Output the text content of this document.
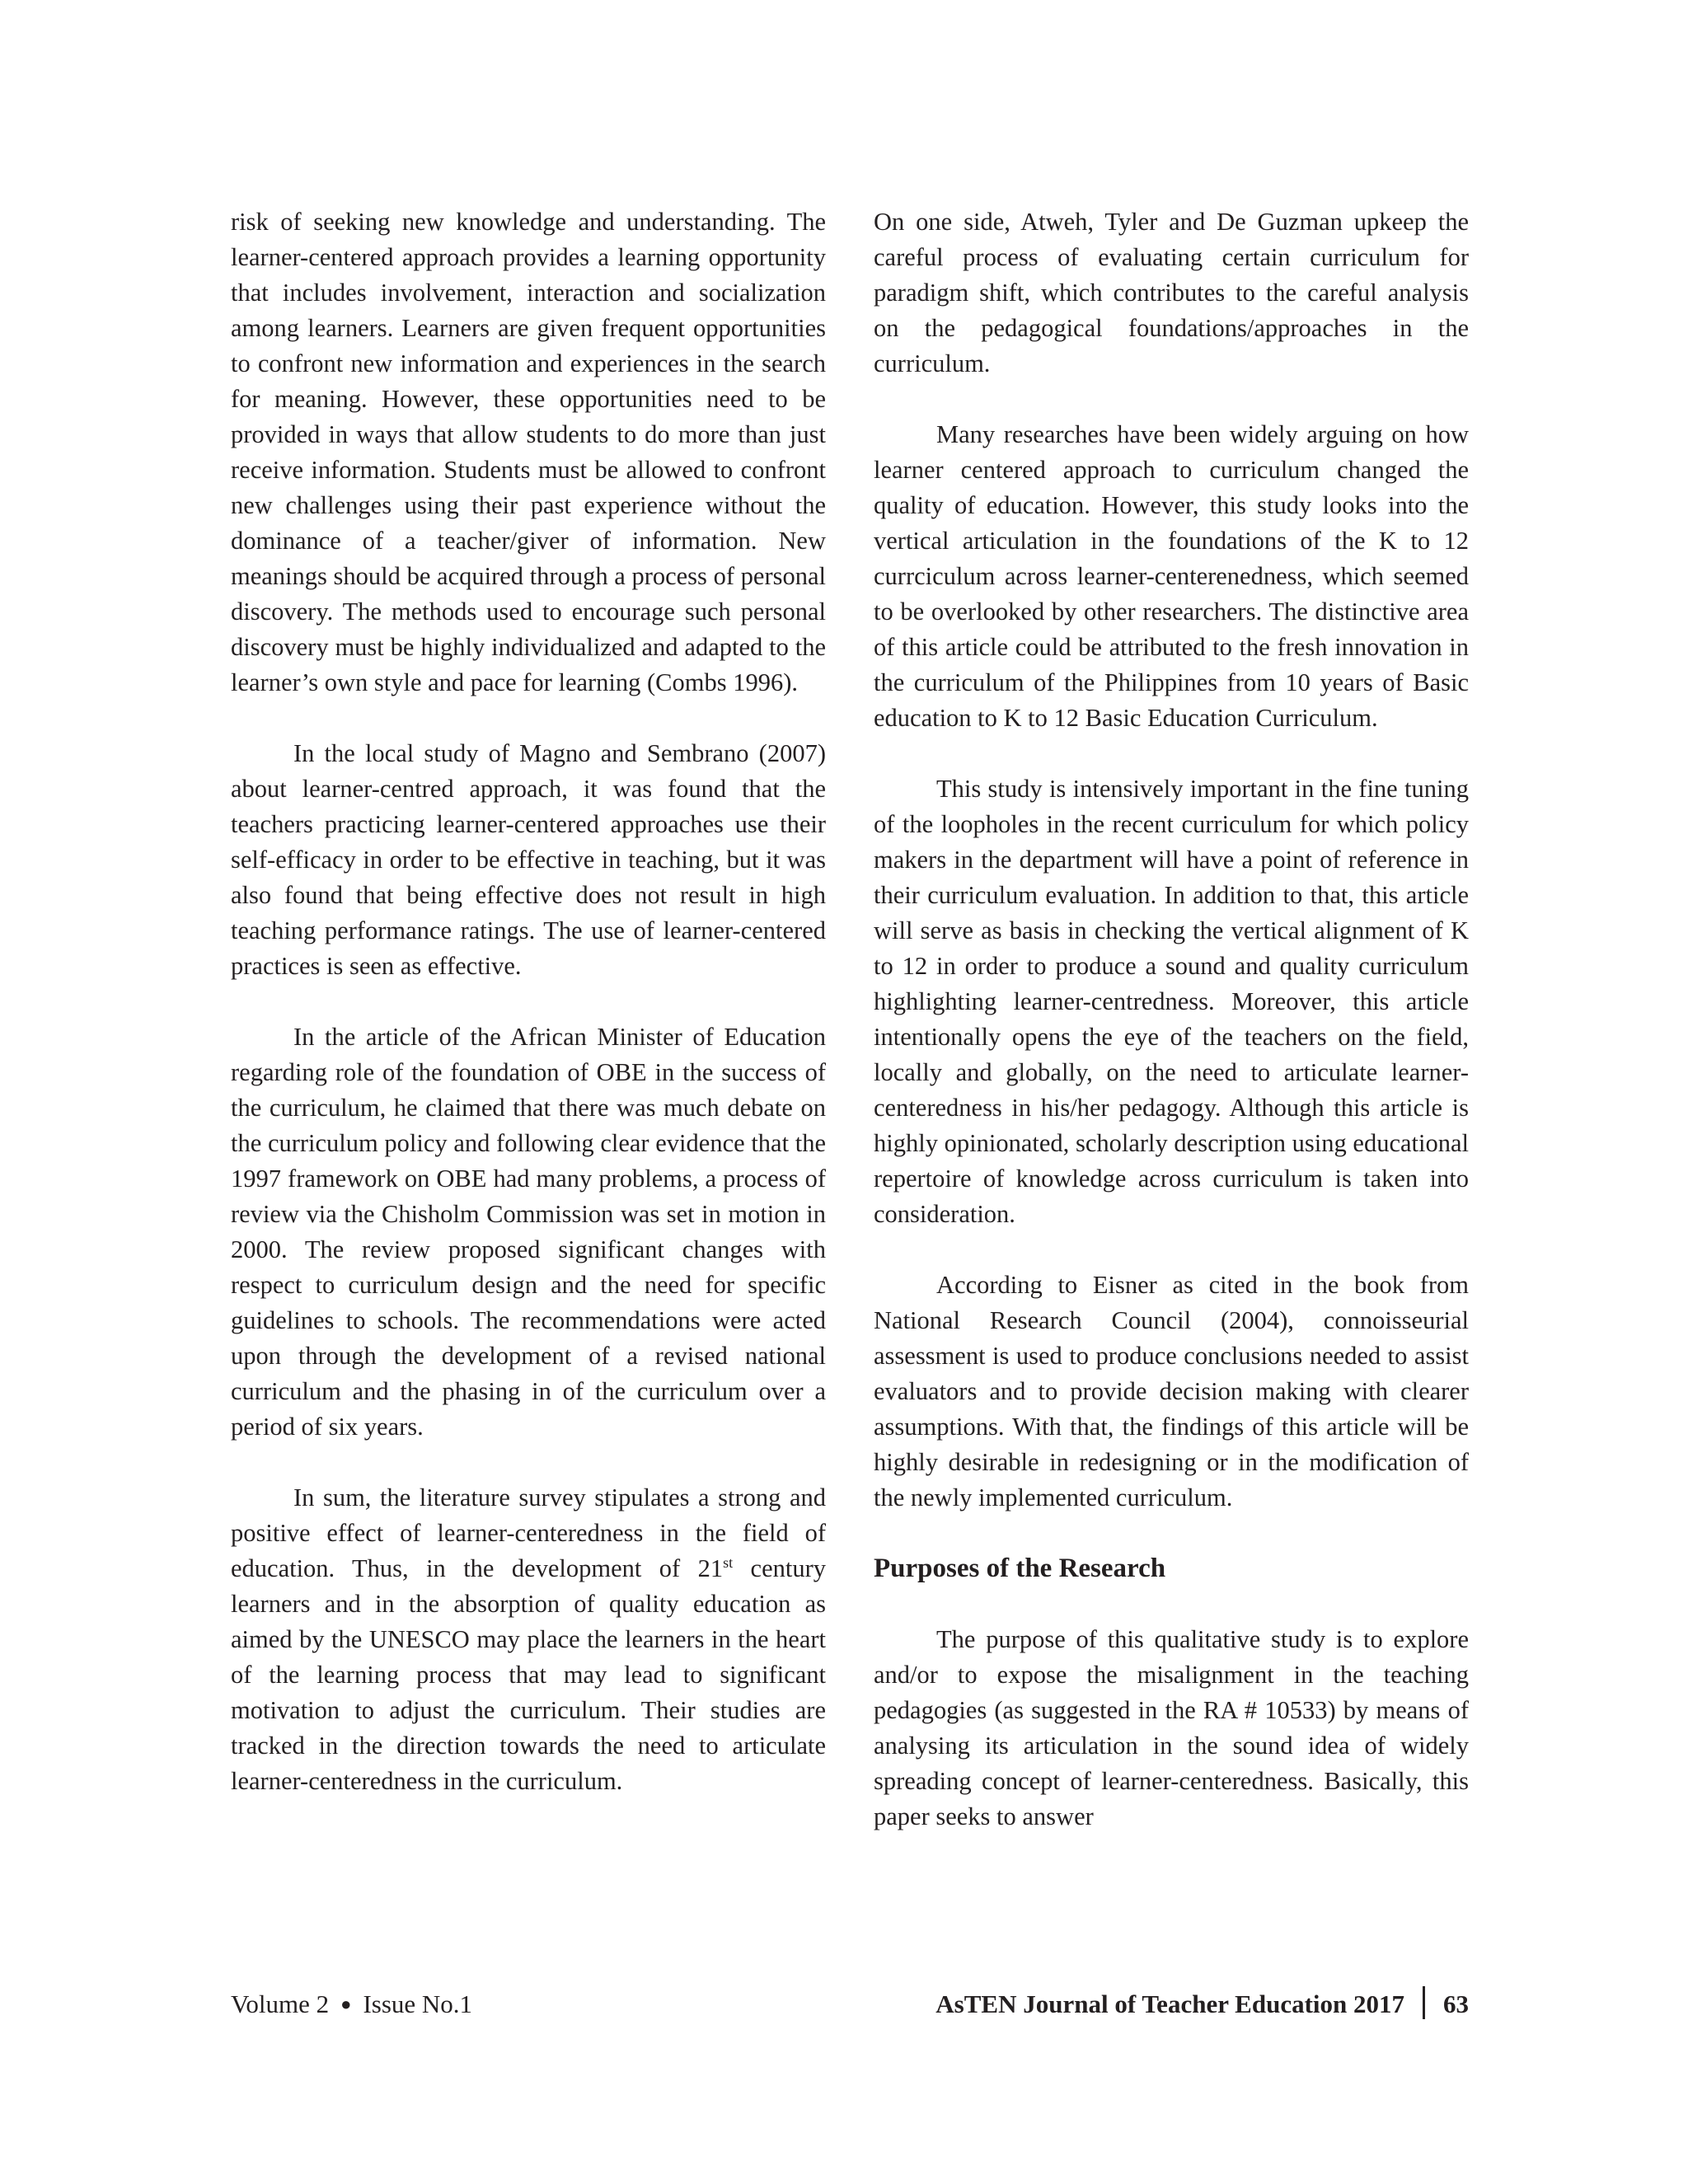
risk of seeking new knowledge and understanding. The learner-centered approach provides a learning opportunity that includes involvement, interaction and socialization among learners. Learners are given frequent opportunities to confront new information and experiences in the search for meaning. However, these opportunities need to be provided in ways that allow students to do more than just receive information. Students must be allowed to confront new challenges using their past experience without the dominance of a teacher/giver of information. New meanings should be acquired through a process of personal discovery. The methods used to encourage such personal discovery must be highly individualized and adapted to the learner’s own style and pace for learning (Combs 1996).

In the local study of Magno and Sembrano (2007) about learner-centred approach, it was found that the teachers practicing learner-centered approaches use their self-efficacy in order to be effective in teaching, but it was also found that being effective does not result in high teaching performance ratings. The use of learner-centered practices is seen as effective.

In the article of the African Minister of Education regarding role of the foundation of OBE in the success of the curriculum, he claimed that there was much debate on the curriculum policy and following clear evidence that the 1997 framework on OBE had many problems, a process of review via the Chisholm Commission was set in motion in 2000. The review proposed significant changes with respect to curriculum design and the need for specific guidelines to schools. The recommendations were acted upon through the development of a revised national curriculum and the phasing in of the curriculum over a period of six years.

In sum, the literature survey stipulates a strong and positive effect of learner-centeredness in the field of education. Thus, in the development of 21st century learners and in the absorption of quality education as aimed by the UNESCO may place the learners in the heart of the learning process that may lead to significant motivation to adjust the curriculum. Their studies are tracked in the direction towards the need to articulate learner-centeredness in the curriculum.

On one side, Atweh, Tyler and De Guzman upkeep the careful process of evaluating certain curriculum for paradigm shift, which contributes to the careful analysis on the pedagogical foundations/approaches in the curriculum.

Many researches have been widely arguing on how learner centered approach to curriculum changed the quality of education. However, this study looks into the vertical articulation in the foundations of the K to 12 currciculum across learner-centerenedness, which seemed to be overlooked by other researchers. The distinctive area of this article could be attributed to the fresh innovation in the curriculum of the Philippines from 10 years of Basic education to K to 12 Basic Education Curriculum.

This study is intensively important in the fine tuning of the loopholes in the recent curriculum for which policy makers in the department will have a point of reference in their curriculum evaluation. In addition to that, this article will serve as basis in checking the vertical alignment of K to 12 in order to produce a sound and quality curriculum highlighting learner-centredness. Moreover, this article intentionally opens the eye of the teachers on the field, locally and globally, on the need to articulate learner-centeredness in his/her pedagogy. Although this article is highly opinionated, scholarly description using educational repertoire of knowledge across curriculum is taken into consideration.

According to Eisner as cited in the book from National Research Council (2004), connoisseurial assessment is used to produce conclusions needed to assist evaluators and to provide decision making with clearer assumptions. With that, the findings of this article will be highly desirable in redesigning or in the modification of the newly implemented curriculum.

Purposes of the Research

The purpose of this qualitative study is to explore and/or to expose the misalignment in the teaching pedagogies (as suggested in the RA # 10533) by means of analysing its articulation in the sound idea of widely spreading concept of learner-centeredness. Basically, this paper seeks to answer

Volume 2 ● Issue No.1	AsTEN Journal of Teacher Education 2017 63
